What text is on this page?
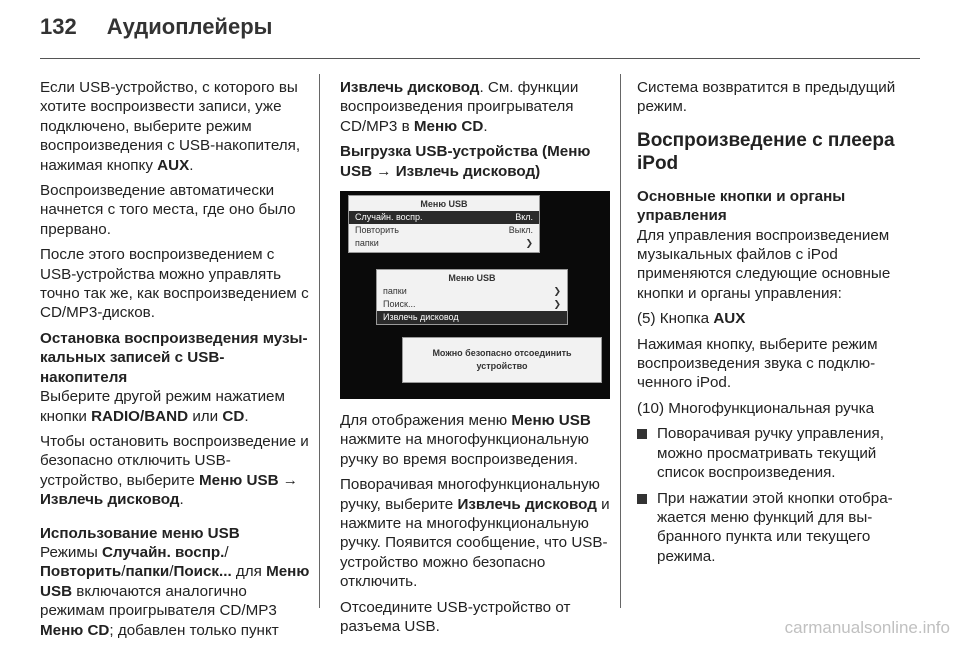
132 Аудиоплейеры

Если USB-устройство, с которого вы хотите воспроизвести записи, уже подключено, выберите режим воспроизведения с USB-накопителя, нажимая кнопку AUX.

Воспроизведение автоматически начнется с того места, где оно было прервано.

После этого воспроизведением с USB-устройства можно управлять точно так же, как воспроизведением с CD/MP3-дисков.

Остановка воспроизведения музыкальных записей с USB-накопителя

Выберите другой режим нажатием кнопки RADIO/BAND или CD.

Чтобы остановить воспроизведение и безопасно отключить USB-устройство, выберите Меню USB → Извлечь дисковод.

Использование меню USB

Режимы Случайн. воспр./Повторить/папки/Поиск... для Меню USB включаются аналогично режимам проигрывателя CD/MP3 Меню CD; добавлен только пункт

Извлечь дисковод. См. функции воспроизведения проигрывателя CD/MP3 в Меню CD.

Выгрузка USB-устройства (Меню USB → Извлечь дисковод)

Меню USB
Случайн. воспр.	Вкл.
Повторить	Выкл.
папки	❯
Меню USB
папки	❯
Поиск...	❯
Извлечь дисковод
Можно безопасно отсоединить устройство

Для отображения меню Меню USB нажмите на многофункциональную ручку во время воспроизведения.

Поворачивая многофункциональную ручку, выберите Извлечь дисковод и нажмите на многофункциональную ручку. Появится сообщение, что USB-устройство можно безопасно отключить.

Отсоедините USB-устройство от разъема USB.

Система возвратится в предыдущий режим.

Воспроизведение с плеера iPod

Основные кнопки и органы управления

Для управления воспроизведением музыкальных файлов с iPod применяются следующие основные кнопки и органы управления:

(5) Кнопка AUX

Нажимая кнопку, выберите режим воспроизведения звука с подключенного iPod.

(10) Многофункциональная ручка

Поворачивая ручку управления, можно просматривать текущий список воспроизведения.
При нажатии этой кнопки отображается меню функций для выбранного пункта или текущего режима.
carmanualsonline.info
